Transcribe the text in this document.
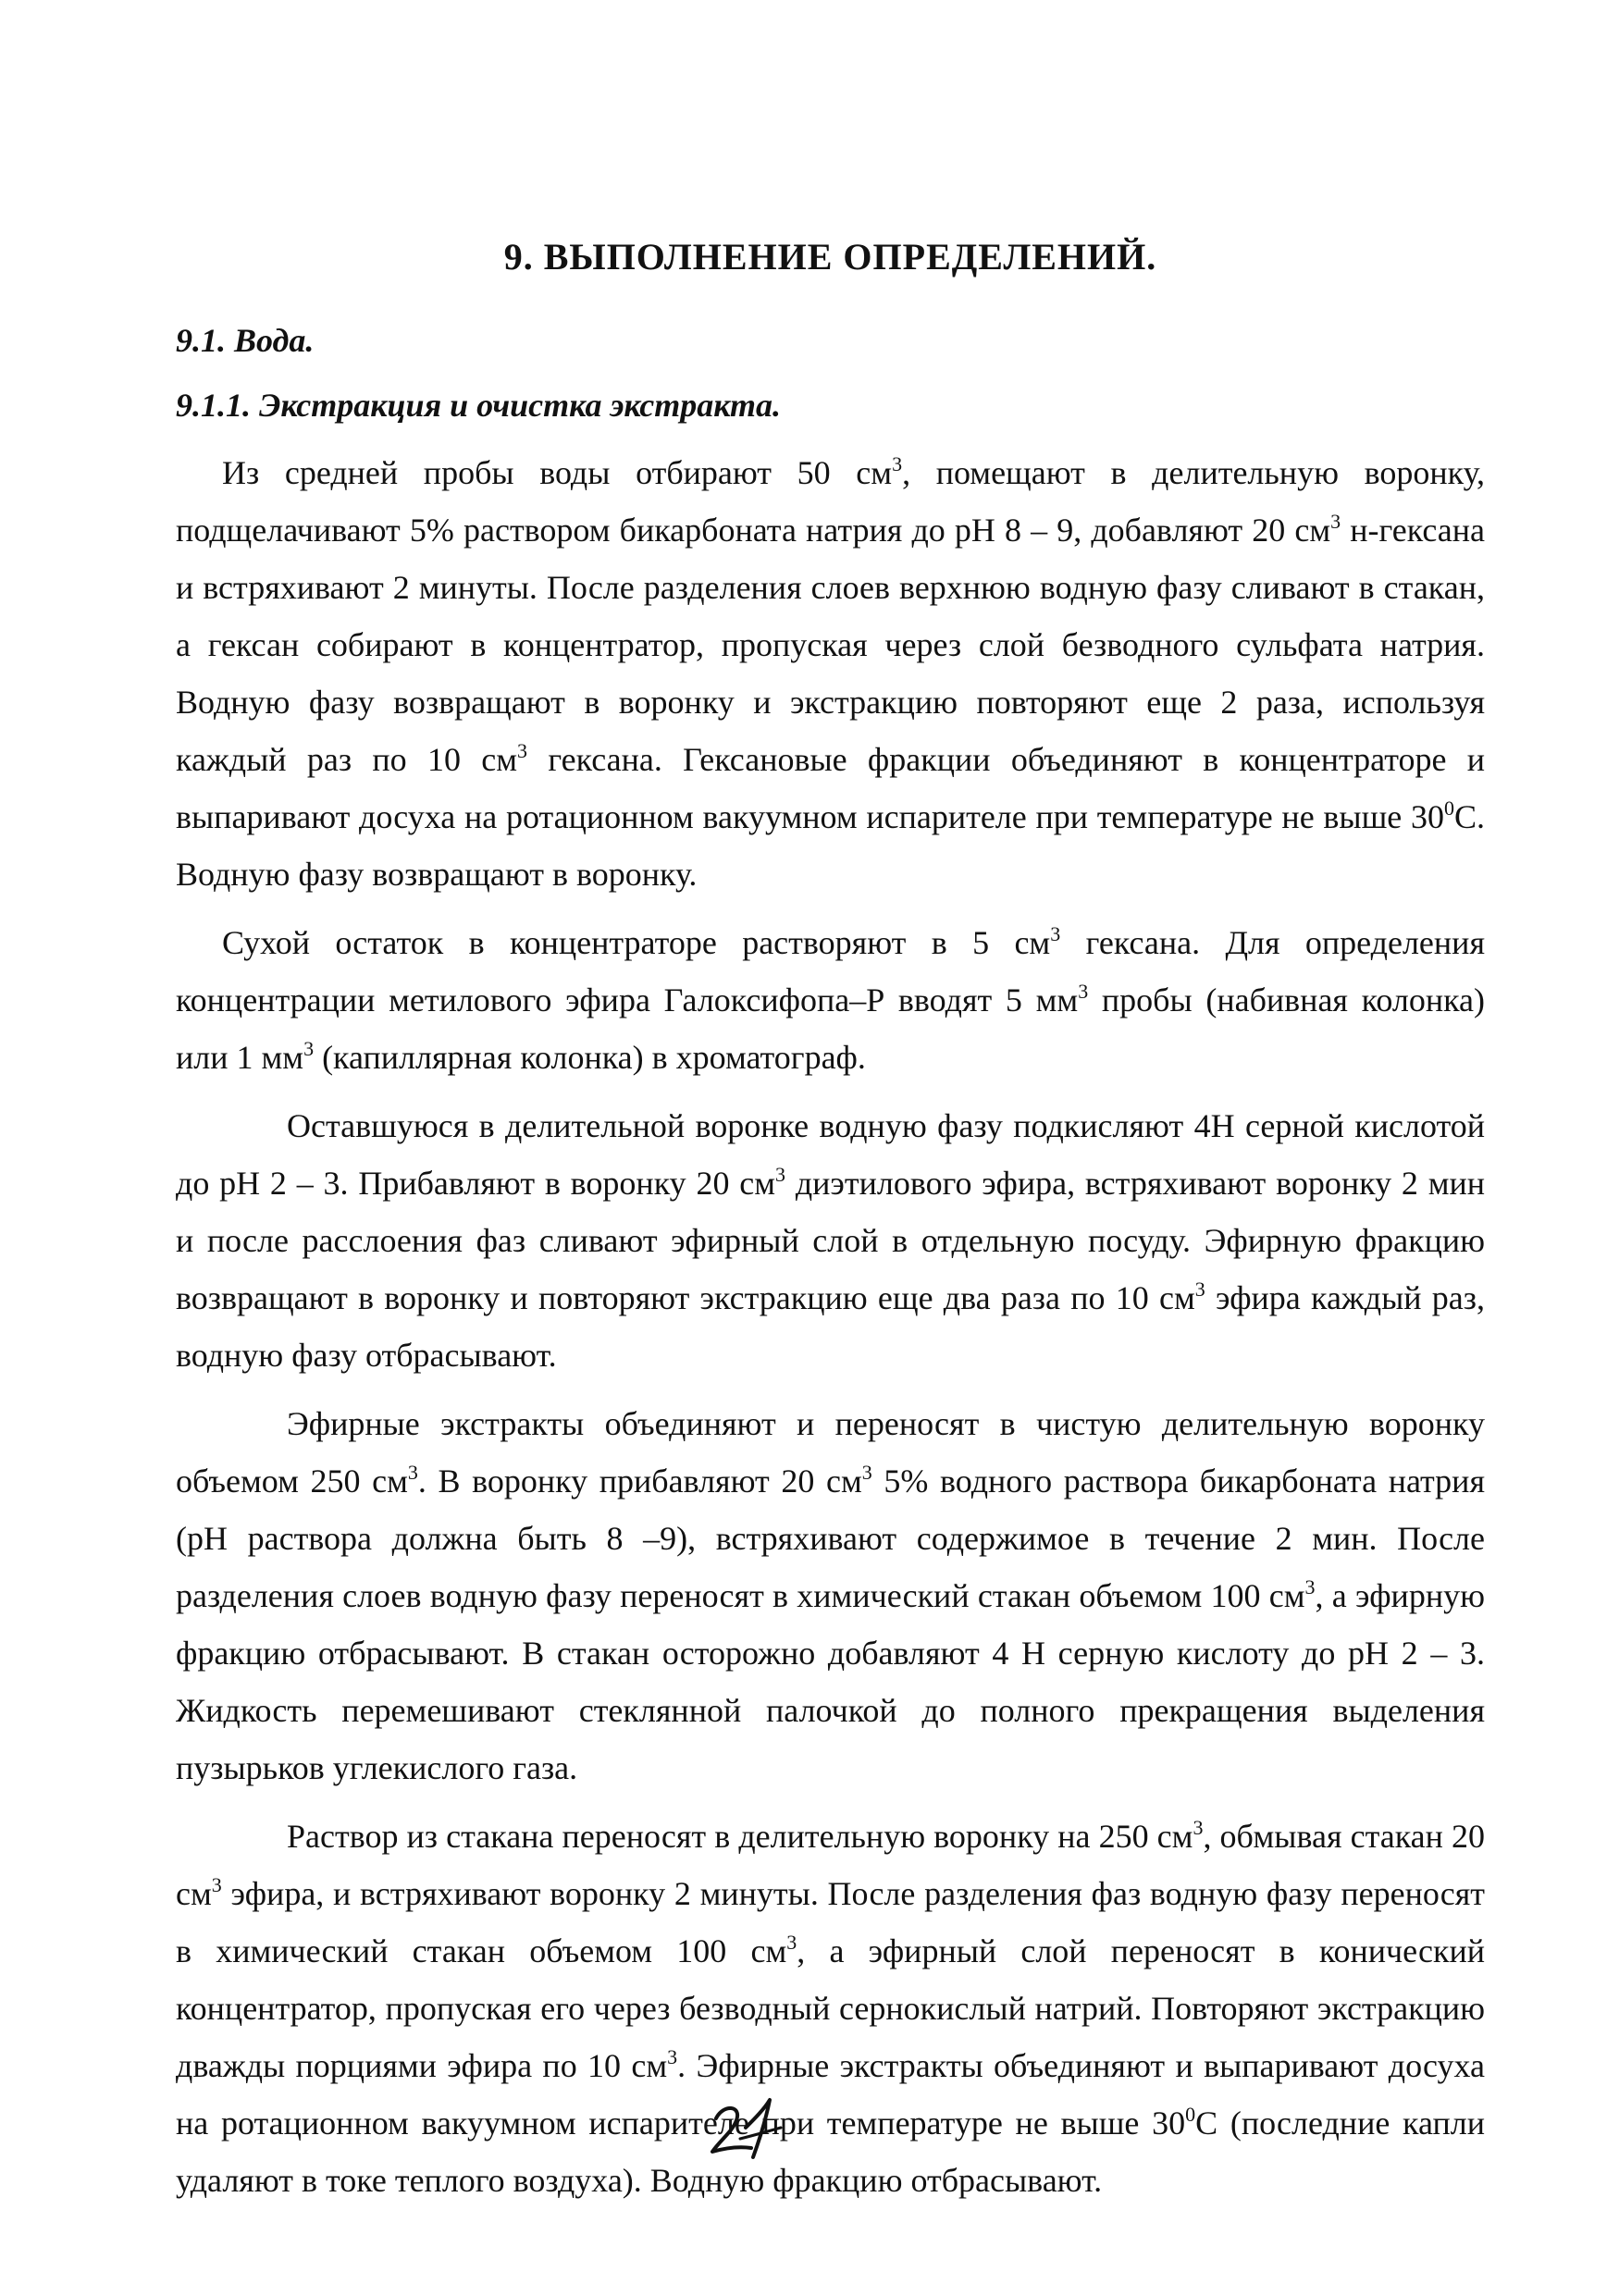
9. ВЫПОЛНЕНИЕ ОПРЕДЕЛЕНИЙ.
9.1. Вода.
9.1.1. Экстракция и очистка экстракта.

Из средней пробы воды отбирают 50 $см^3$, помещают в делительную воронку, подщелачивают 5% раствором бикарбоната натрия до pH 8 – 9, добавляют 20 $см^3$ н-гексана и встряхивают 2 минуты. После разделения слоев верхнюю водную фазу сливают в стакан, а гексан собирают в концентратор, пропуская через слой безводного сульфата натрия. Водную фазу возвращают в воронку и экстракцию повторяют еще 2 раза, используя каждый раз по 10 $см^3$ гексана. Гексановые фракции объединяют в концентраторе и выпаривают досуха на ротационном вакуумном испарителе при температуре не выше $30^0С$. Водную фазу возвращают в воронку.

Сухой остаток в концентраторе растворяют в 5 $см^3$ гексана. Для определения концентрации метилового эфира Галоксифопа–Р вводят 5 $мм^3$ пробы (набивная колонка) или 1 $мм^3$ (капиллярная колонка) в хроматограф.

Оставшуюся в делительной воронке водную фазу подкисляют 4Н серной кислотой до pH 2 – 3. Прибавляют в воронку 20 $см^3$ диэтилового эфира, встряхивают воронку 2 мин и после расслоения фаз сливают эфирный слой в отдельную посуду. Эфирную фракцию возвращают в воронку и повторяют экстракцию еще два раза по 10 $см^3$ эфира каждый раз, водную фазу отбрасывают.

Эфирные экстракты объединяют и переносят в чистую делительную воронку объемом 250 $см^3$. В воронку прибавляют 20 $см^3$ 5% водного раствора бикарбоната натрия (pH раствора должна быть 8 –9), встряхивают содержимое в течение 2 мин. После разделения слоев водную фазу переносят в химический стакан объемом 100 $см^3$, а эфирную фракцию отбрасывают. В стакан осторожно добавляют 4 Н серную кислоту до pH 2 – 3. Жидкость перемешивают стеклянной палочкой до полного прекращения выделения пузырьков углекислого газа.

Раствор из стакана переносят в делительную воронку на 250 $см^3$, обмывая стакан 20 $см^3$ эфира, и встряхивают воронку 2 минуты. После разделения фаз водную фазу переносят в химический стакан объемом 100 $см^3$, а эфирный слой переносят в конический концентратор, пропуская его через безводный сернокислый натрий. Повторяют экстракцию дважды порциями эфира по 10 $см^3$. Эфирные экстракты объединяют и выпаривают досуха на ротационном вакуумном испарителе при температуре не выше $30^0С$ (последние капли удаляют в токе теплого воздуха). Водную фракцию отбрасывают.
